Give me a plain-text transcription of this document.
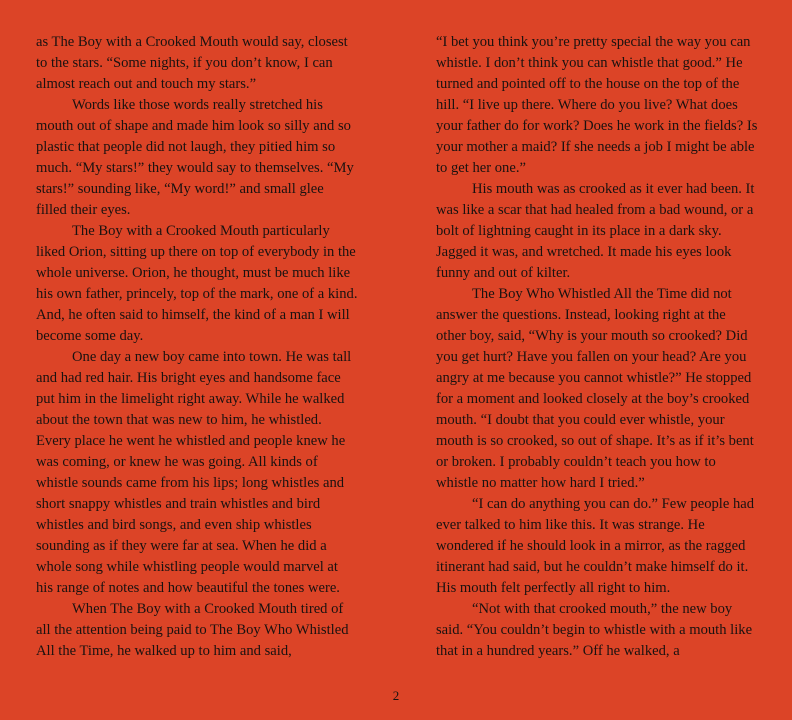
as The Boy with a Crooked Mouth would say, closest to the stars. “Some nights, if you don’t know, I can almost reach out and touch my stars.”

Words like those words really stretched his mouth out of shape and made him look so silly and so plastic that people did not laugh, they pitied him so much. “My stars!” they would say to themselves. “My stars!” sounding like, “My word!” and small glee filled their eyes.

The Boy with a Crooked Mouth particularly liked Orion, sitting up there on top of everybody in the whole universe. Orion, he thought, must be much like his own father, princely, top of the mark, one of a kind. And, he often said to himself, the kind of a man I will become some day.

One day a new boy came into town. He was tall and had red hair. His bright eyes and handsome face put him in the limelight right away. While he walked about the town that was new to him, he whistled. Every place he went he whistled and people knew he was coming, or knew he was going. All kinds of whistle sounds came from his lips; long whistles and short snappy whistles and train whistles and bird whistles and bird songs, and even ship whistles sounding as if they were far at sea. When he did a whole song while whistling people would marvel at his range of notes and how beautiful the tones were.

When The Boy with a Crooked Mouth tired of all the attention being paid to The Boy Who Whistled All the Time, he walked up to him and said,

“I bet you think you’re pretty special the way you can whistle. I don’t think you can whistle that good.” He turned and pointed off to the house on the top of the hill. “I live up there. Where do you live? What does your father do for work? Does he work in the fields? Is your mother a maid? If she needs a job I might be able to get her one.”

His mouth was as crooked as it ever had been. It was like a scar that had healed from a bad wound, or a bolt of lightning caught in its place in a dark sky. Jagged it was, and wretched. It made his eyes look funny and out of kilter.

The Boy Who Whistled All the Time did not answer the questions. Instead, looking right at the other boy, said, “Why is your mouth so crooked? Did you get hurt? Have you fallen on your head? Are you angry at me because you cannot whistle?” He stopped for a moment and looked closely at the boy’s crooked mouth. “I doubt that you could ever whistle, your mouth is so crooked, so out of shape. It’s as if it’s bent or broken. I probably couldn’t teach you how to whistle no matter how hard I tried.”

“I can do anything you can do.” Few people had ever talked to him like this. It was strange. He wondered if he should look in a mirror, as the ragged itinerant had said, but he couldn’t make himself do it. His mouth felt perfectly all right to him.

“Not with that crooked mouth,” the new boy said. “You couldn’t begin to whistle with a mouth like that in a hundred years.” Off he walked, a

2
